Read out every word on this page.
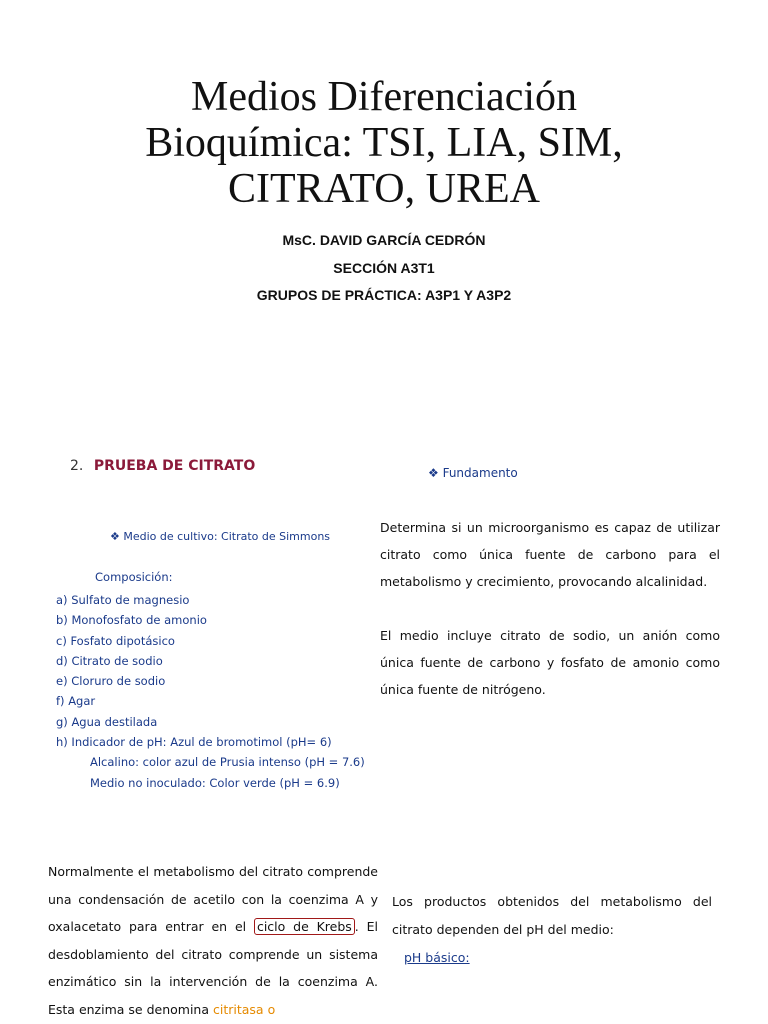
Medios Diferenciación
Bioquímica: TSI, LIA, SIM,
CITRATO, UREA
MsC. DAVID GARCÍA CEDRÓN
SECCIÓN A3T1
GRUPOS DE PRÁCTICA: A3P1 Y A3P2
2. PRUEBA DE CITRATO	❖ Fundamento
❖ Medio de cultivo: Citrato de Simmons
Composición:
a) Sulfato de magnesio
b) Monofosfato de amonio
c) Fosfato dipotásico
d) Citrato de sodio
e) Cloruro de sodio
f) Agar
g) Agua destilada
h) Indicador de pH: Azul de bromotimol (pH= 6)
Alcalino: color azul de Prusia intenso (pH = 7.6)
Medio no inoculado: Color verde (pH = 6.9)
Determina si un microorganismo es capaz de utilizar citrato como única fuente de carbono para el metabolismo y crecimiento, provocando alcalinidad.
El medio incluye citrato de sodio, un anión como única fuente de carbono y fosfato de amonio como única fuente de nitrógeno.
Normalmente el metabolismo del citrato comprende una condensación de acetilo con la coenzima A y oxalacetato para entrar en el ciclo de Krebs . El desdoblamiento del citrato comprende un sistema enzimático sin la intervención de la coenzima A. Esta enzima se denomina citritasa o
Los productos obtenidos del metabolismo del citrato dependen del pH del medio:
pH básico:
